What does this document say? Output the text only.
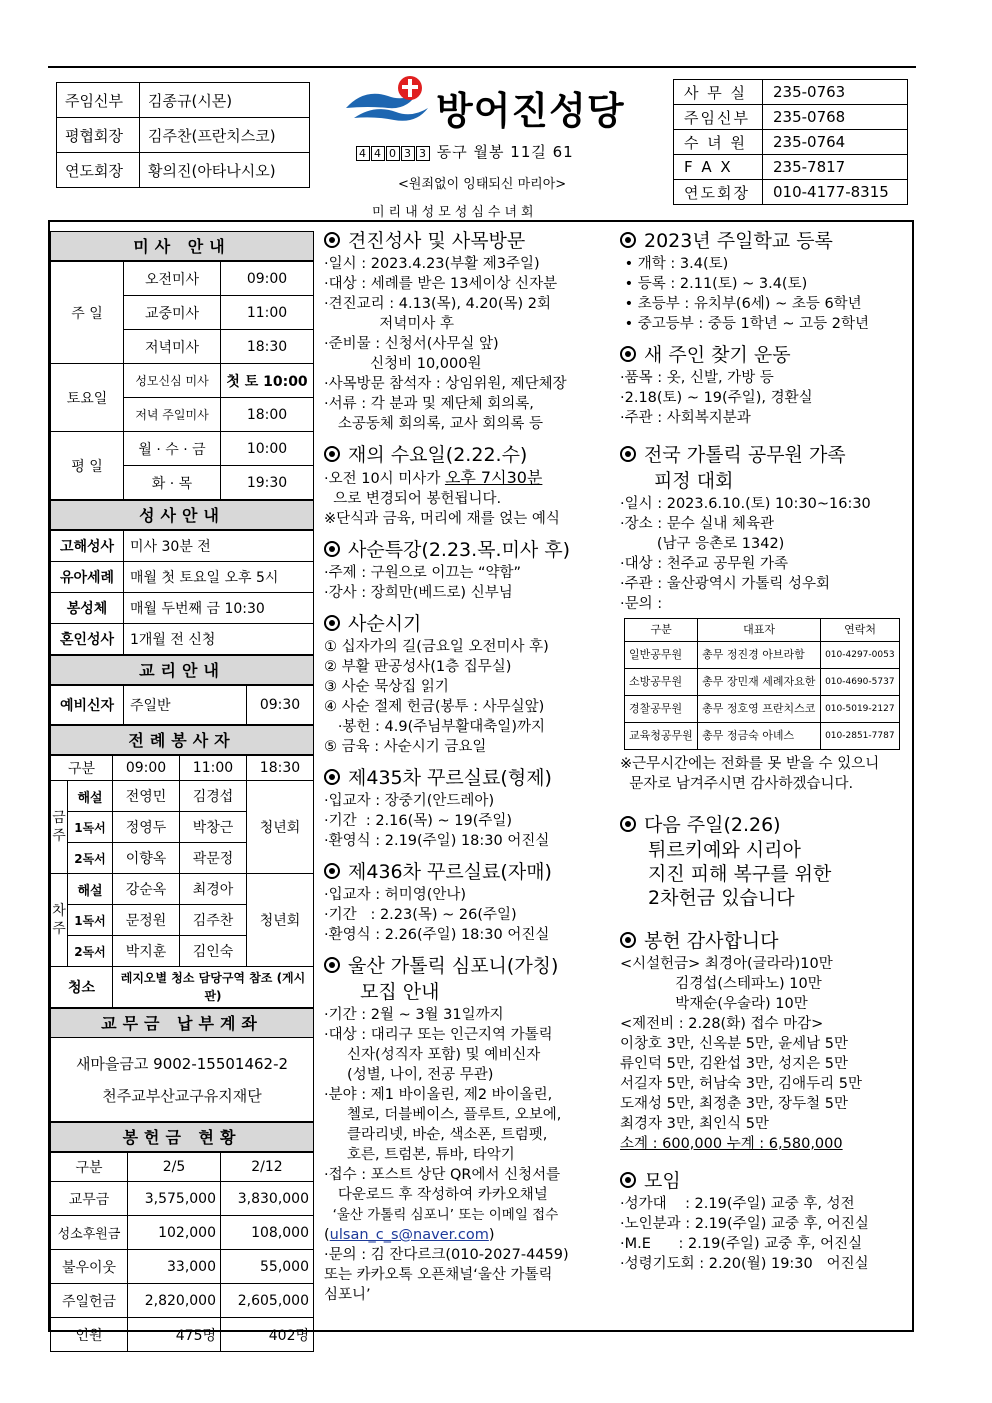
주임신부	김종규(시몬)
평협회장	김주찬(프란치스코)
연도회장	황의진(아타나시오)
방어진성당
4 4 0 3 3 동구 월봉 11길 61
<원죄없이 잉태되신 마리아>
미리내성모성심수녀회
사 무 실	235-0763
주임신부	235-0768
수 녀 원	235-0764
F A X	235-7817
연도회장	010-4177-8315
미사 안내
주 일	오전미사	09:00
	교중미사	11:00
	저녁미사	18:30
토요일	성모신심 미사	첫 토 10:00
	저녁 주일미사	18:00
평 일	월 · 수 · 금	10:00
	화 · 목	19:30
성사안내
고해성사	미사 30분 전
유아세례	매월 첫 토요일 오후 5시
봉성체	매월 두번째 금 10:30
혼인성사	1개월 전 신청
교리안내
예비신자	주일반	09:30
전례봉사자
구분		09:00	11:00	18:30
금주	해설	전영민	김경섭	청년회
	1독서	정영두	박창근	
	2독서	이향옥	곽문정	
차주	해설	강순옥	최경아	청년회
	1독서	문정원	김주찬	
	2독서	박지훈	김인숙	
청소		레지오별 청소 담당구역 참조 (게시판)		
교무금 납부계좌
새마을금고 9002-15501462-2
천주교부산교구유지재단
봉헌금 현황
구분	2/5	2/12
교무금	3,575,000	3,830,000
성소후원금	102,000	108,000
불우이웃	33,000	55,000
주일헌금	2,820,000	2,605,000
인원	475명	402명
견진성사 및 사목방문
·일시 : 2023.4.23(부활 제3주일)
·대상 : 세례를 받은 13세이상 신자분
·견진교리 : 4.13(목), 4.20(목) 2회
저녁미사 후
·준비물 : 신청서(사무실 앞)
신청비 10,000원
·사목방문 참석자 : 상임위원, 제단체장
·서류 : 각 분과 및 제단체 회의록,
소공동체 회의록, 교사 회의록 등
재의 수요일(2.22.수)
·오전 10시 미사가 오후 7시30분
으로 변경되어 봉헌됩니다.
※단식과 금육, 머리에 재를 얹는 예식
사순특강(2.23.목.미사 후)
·주제 : 구원으로 이끄는 “약함”
·강사 : 장희만(베드로) 신부님
사순시기
① 십자가의 길(금요일 오전미사 후)
② 부활 판공성사(1층 집무실)
③ 사순 묵상집 읽기
④ 사순 절제 헌금(봉투 : 사무실앞)
·봉헌 : 4.9(주님부활대축일)까지
⑤ 금육 : 사순시기 금요일
제435차 꾸르실료(형제)
·입교자 : 장중기(안드레아)
·기간  : 2.16(목) ~ 19(주일)
·환영식 : 2.19(주일) 18:30 어진실
제436차 꾸르실료(자매)
·입교자 : 허미영(안나)
·기간   : 2.23(목) ~ 26(주일)
·환영식 : 2.26(주일) 18:30 어진실
울산 가톨릭 심포니(가칭)
모집 안내
·기간 : 2월 ~ 3월 31일까지
·대상 : 대리구 또는 인근지역 가톨릭
신자(성직자 포함) 및 예비신자
(성별, 나이, 전공 무관)
·분야 : 제1 바이올린, 제2 바이올린,
첼로, 더블베이스, 플루트, 오보에,
클라리넷, 바순, 색소폰, 트럼펫,
호른, 트럼본, 튜바, 타악기
·접수 : 포스트 상단 QR에서 신청서를
다운로드 후 작성하여 카카오채널
‘울산 가톨릭 심포니’ 또는 이메일 접수
(ulsan_c_s@naver.com)
·문의 : 김 잔다르크(010-2027-4459)
또는 카카오톡 오픈채널‘울산 가톨릭
심포니’
2023년 주일학교 등록
• 개학 : 3.4(토)
• 등록 : 2.11(토) ~ 3.4(토)
• 초등부 : 유치부(6세) ~ 초등 6학년
• 중고등부 : 중등 1학년 ~ 고등 2학년
새 주인 찾기 운동
·품목 : 옷, 신발, 가방 등
·2.18(토) ~ 19(주일), 경환실
·주관 : 사회복지분과
전국 가톨릭 공무원 가족
피정 대회
·일시 : 2023.6.10.(토) 10:30~16:30
·장소 : 문수 실내 체육관
(남구 응촌로 1342)
·대상 : 천주교 공무원 가족
·주관 : 울산광역시 가톨릭 성우회
·문의 :
구분	대표자	연락처
일반공무원	총무 정진경 아브라함	010-4297-0053
소방공무원	총무 장민재 세례자요한	010-4690-5737
경찰공무원	총무 정호영 프란치스코	010-5019-2127
교육청공무원	총무 정금숙 아녜스	010-2851-7787
※근무시간에는 전화를 못 받을 수 있으니
문자로 남겨주시면 감사하겠습니다.
다음 주일(2.26)
튀르키예와 시리아
지진 피해 복구를 위한
2차헌금 있습니다
봉헌 감사합니다
<시설헌금> 최경아(글라라)10만
김경섭(스테파노) 10만
박재순(우술라) 10만
<제전비 : 2.28(화) 접수 마감>
이창호 3만, 신옥분 5만, 윤세남 5만
류인덕 5만, 김완섭 3만, 성지은 5만
서길자 5만, 허남숙 3만, 김애두리 5만
도재성 5만, 최정춘 3만, 장두철 5만
최경자 3만, 최인식 5만
소계 : 600,000 누계 : 6,580,000
모임
·성가대    : 2.19(주일) 교중 후, 성전
·노인분과 : 2.19(주일) 교중 후, 어진실
·M.E      : 2.19(주일) 교중 후, 어진실
·성령기도회 : 2.20(월) 19:30   어진실
